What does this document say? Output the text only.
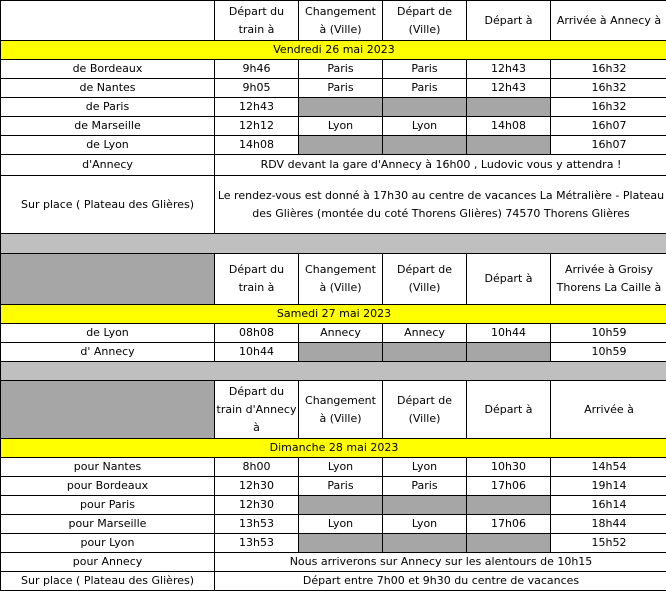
	Départ du train à	Changement à (Ville)	Départ de (Ville)	Départ à	Arrivée à Annecy à
Vendredi 26 mai 2023					
de Bordeaux	9h46	Paris	Paris	12h43	16h32
de Nantes	9h05	Paris	Paris	12h43	16h32
de Paris	12h43				16h32
de Marseille	12h12	Lyon	Lyon	14h08	16h07
de Lyon	14h08				16h07
d'Annecy	RDV devant la gare d'Annecy à 16h00 , Ludovic vous y attendra !				
Sur place ( Plateau des Glières)	Le rendez-vous est donné à 17h30 au centre de vacances La Métralière - Plateau des Glières (montée du coté Thorens Glières) 74570 Thorens Glières				

	Départ du train à	Changement à (Ville)	Départ de (Ville)	Départ à	Arrivée à Groisy Thorens La Caille à
Samedi 27 mai 2023					
de Lyon	08h08	Annecy	Annecy	10h44	10h59
d' Annecy	10h44				10h59

	Départ du train d'Annecy à	Changement à (Ville)	Départ de (Ville)	Départ à	Arrivée à
Dimanche 28 mai 2023					
pour Nantes	8h00	Lyon	Lyon	10h30	14h54
pour Bordeaux	12h30	Paris	Paris	17h06	19h14
pour Paris	12h30				16h14
pour Marseille	13h53	Lyon	Lyon	17h06	18h44
pour Lyon	13h53				15h52
pour Annecy	Nous arriverons sur Annecy sur les alentours de 10h15				
Sur place ( Plateau des Glières)	Départ entre 7h00 et 9h30 du centre de vacances				
